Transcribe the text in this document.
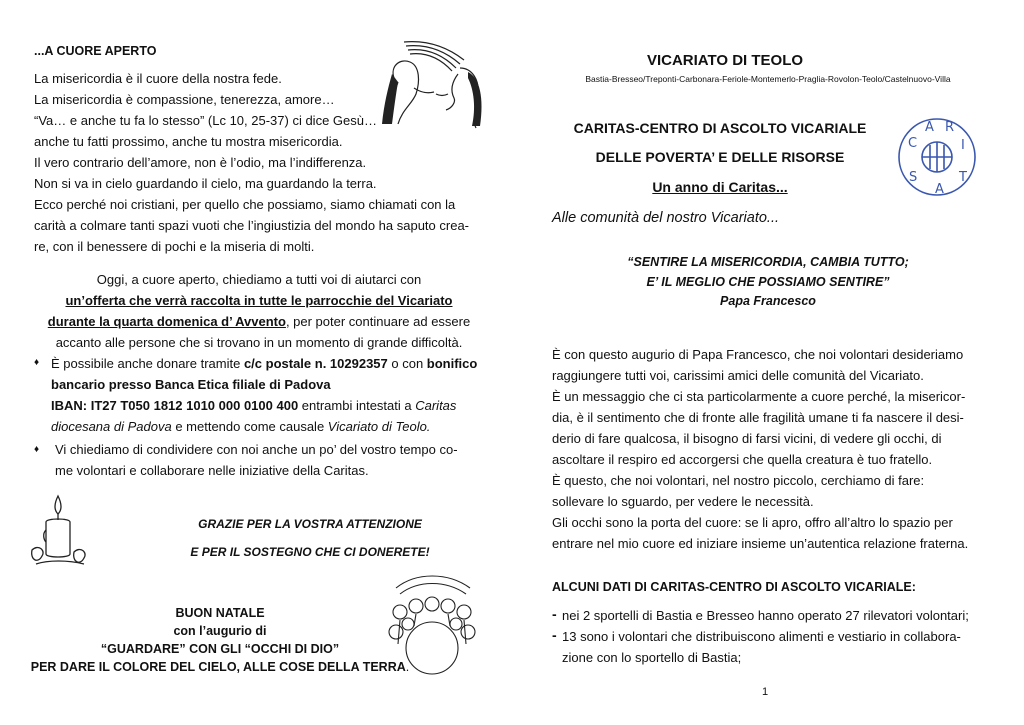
...A CUORE APERTO
La misericordia è il cuore della nostra fede.
La misericordia è compassione, tenerezza, amore…
“Va… e anche tu fa lo stesso” (Lc 10, 25-37) ci dice Gesù…
anche tu fatti prossimo, anche tu mostra misericordia.
Il vero contrario dell’amore, non è l’odio, ma l’indifferenza.
Non si va in cielo guardando il cielo, ma guardando la terra.
Ecco perché noi cristiani, per quello che possiamo, siamo chiamati con la
carità a colmare tanti spazi vuoti che l’ingiustizia del mondo ha saputo crea-
re, con il benessere di pochi e la miseria di molti.
Oggi, a cuore aperto, chiediamo a tutti voi di aiutarci con
un’offerta che verrà raccolta in tutte le parrocchie del Vicariato
durante la quarta domenica d’ Avvento, per poter continuare ad essere
accanto alle persone che si trovano in un momento di grande difficoltà.
♦ È possibile anche donare tramite c/c postale n. 10292357 o con bonifico
bancario presso Banca Etica filiale di Padova
IBAN: IT27 T050 1812 1010 000 0100 400 entrambi intestati a Caritas
diocesana di Padova e mettendo come causale Vicariato di Teolo.
♦ Vi chiediamo di condividere con noi anche un po’ del vostro tempo co-
me volontari e collaborare nelle iniziative della Caritas.
GRAZIE PER LA VOSTRA ATTENZIONE
E PER IL SOSTEGNO CHE CI DONERETE!
BUON NATALE
con l’augurio di
“GUARDARE” CON GLI “OCCHI DI DIO”
PER DARE IL COLORE DEL CIELO, ALLE COSE DELLA TERRA.
VICARIATO DI TEOLO
Bastia-Bresseo/Treponti-Carbonara-Feriole-Montemerlo-Praglia-Rovolon-Teolo/Castelnuovo-Villa
CARITAS-CENTRO DI ASCOLTO VICARIALE
DELLE POVERTA’ E DELLE RISORSE
Un anno di Caritas...
C
A R
I
T
A
S
Alle comunità del nostro Vicariato...
“SENTIRE LA MISERICORDIA, CAMBIA TUTTO;
E’ IL MEGLIO CHE POSSIAMO SENTIRE”
Papa Francesco
È con questo augurio di Papa Francesco, che noi volontari desideriamo
raggiungere tutti voi, carissimi amici delle comunità del Vicariato.
È un messaggio che ci sta particolarmente a cuore perché, la misericor-
dia, è il sentimento che di fronte alle fragilità umane ti fa nascere il desi-
derio di fare qualcosa, il bisogno di farsi vicini, di vedere gli occhi, di
ascoltare il respiro ed accorgersi che quella creatura è tuo fratello.
È questo, che noi volontari, nel nostro piccolo, cerchiamo di fare:
sollevare lo sguardo, per vedere le necessità.
Gli occhi sono la porta del cuore: se li apro, offro all’altro lo spazio per
entrare nel mio cuore ed iniziare insieme un’autentica relazione fraterna.
ALCUNI DATI DI CARITAS-CENTRO DI ASCOLTO VICARIALE:
- nei 2 sportelli di Bastia e Bresseo hanno operato 27 rilevatori volontari;
- 13 sono i volontari che distribuiscono alimenti e vestiario in collabora-
zione con lo sportello di Bastia;
1
